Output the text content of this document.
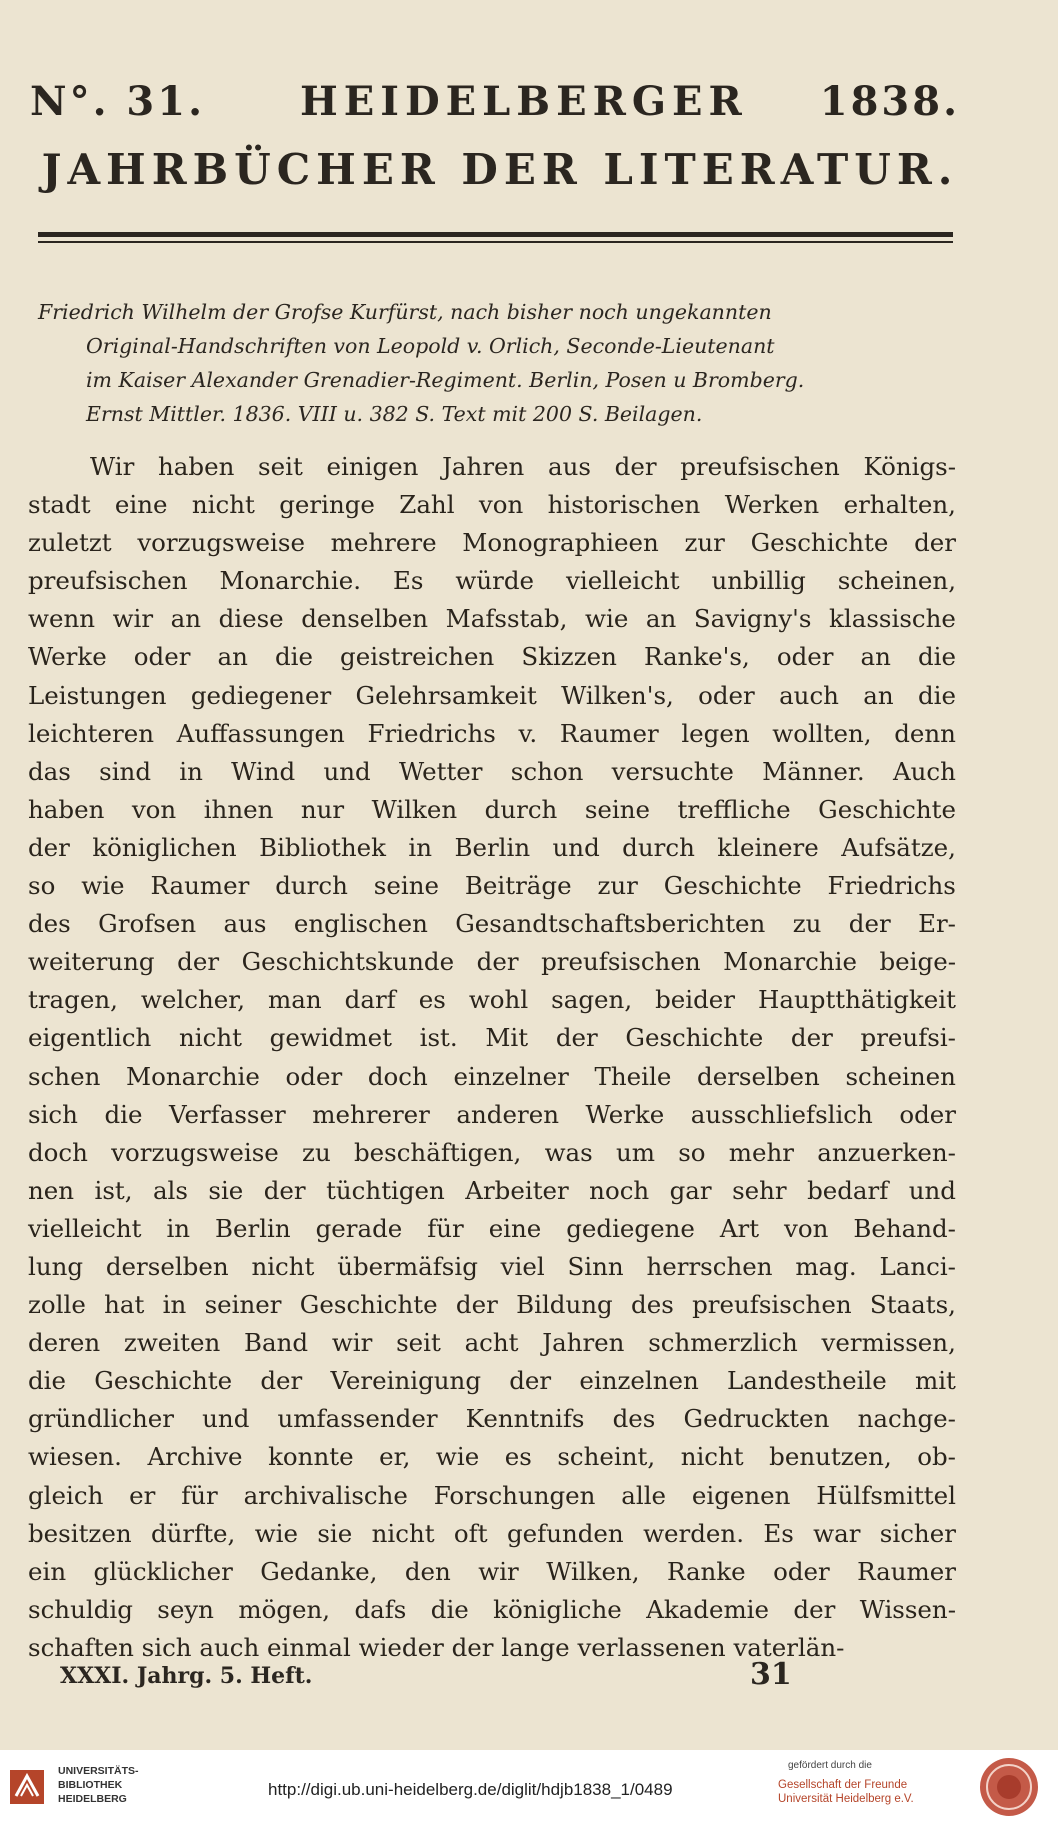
N°. 31. HEIDELBERGER 1838.
JAHRBÜCHER DER LITERATUR.
Friedrich Wilhelm der Grofse Kurfürst, nach bisher noch ungekannten
Original-Handschriften von Leopold v. Orlich, Seconde-Lieutenant
im Kaiser Alexander Grenadier-Regiment. Berlin, Posen u Bromberg.
Ernst Mittler. 1836. VIII u. 382 S. Text mit 200 S. Beilagen.
Wir haben seit einigen Jahren aus der preufsischen Königs-
stadt eine nicht geringe Zahl von historischen Werken erhalten,
zuletzt vorzugsweise mehrere Monographieen zur Geschichte der
preufsischen Monarchie. Es würde vielleicht unbillig scheinen,
wenn wir an diese denselben Mafsstab, wie an Savigny's klassische
Werke oder an die geistreichen Skizzen Ranke's, oder an die
Leistungen gediegener Gelehrsamkeit Wilken's, oder auch an die
leichteren Auffassungen Friedrichs v. Raumer legen wollten, denn
das sind in Wind und Wetter schon versuchte Männer. Auch
haben von ihnen nur Wilken durch seine treffliche Geschichte
der königlichen Bibliothek in Berlin und durch kleinere Aufsätze,
so wie Raumer durch seine Beiträge zur Geschichte Friedrichs
des Grofsen aus englischen Gesandtschaftsberichten zu der Er-
weiterung der Geschichtskunde der preufsischen Monarchie beige-
tragen, welcher, man darf es wohl sagen, beider Hauptthätigkeit
eigentlich nicht gewidmet ist. Mit der Geschichte der preufsi-
schen Monarchie oder doch einzelner Theile derselben scheinen
sich die Verfasser mehrerer anderen Werke ausschliefslich oder
doch vorzugsweise zu beschäftigen, was um so mehr anzuerken-
nen ist, als sie der tüchtigen Arbeiter noch gar sehr bedarf und
vielleicht in Berlin gerade für eine gediegene Art von Behand-
lung derselben nicht übermäfsig viel Sinn herrschen mag. Lanci-
zolle hat in seiner Geschichte der Bildung des preufsischen Staats,
deren zweiten Band wir seit acht Jahren schmerzlich vermissen,
die Geschichte der Vereinigung der einzelnen Landestheile mit
gründlicher und umfassender Kenntnifs des Gedruckten nachge-
wiesen. Archive konnte er, wie es scheint, nicht benutzen, ob-
gleich er für archivalische Forschungen alle eigenen Hülfsmittel
besitzen dürfte, wie sie nicht oft gefunden werden. Es war sicher
ein glücklicher Gedanke, den wir Wilken, Ranke oder Raumer
schuldig seyn mögen, dafs die königliche Akademie der Wissen-
schaften sich auch einmal wieder der lange verlassenen vaterlän-
XXXI. Jahrg. 5. Heft.	31
UNIVERSITÄTS-
BIBLIOTHEK
HEIDELBERG	http://digi.ub.uni-heidelberg.de/diglit/hdjb1838_1/0489
gefördert durch die
Gesellschaft der Freunde
Universität Heidelberg e.V.
